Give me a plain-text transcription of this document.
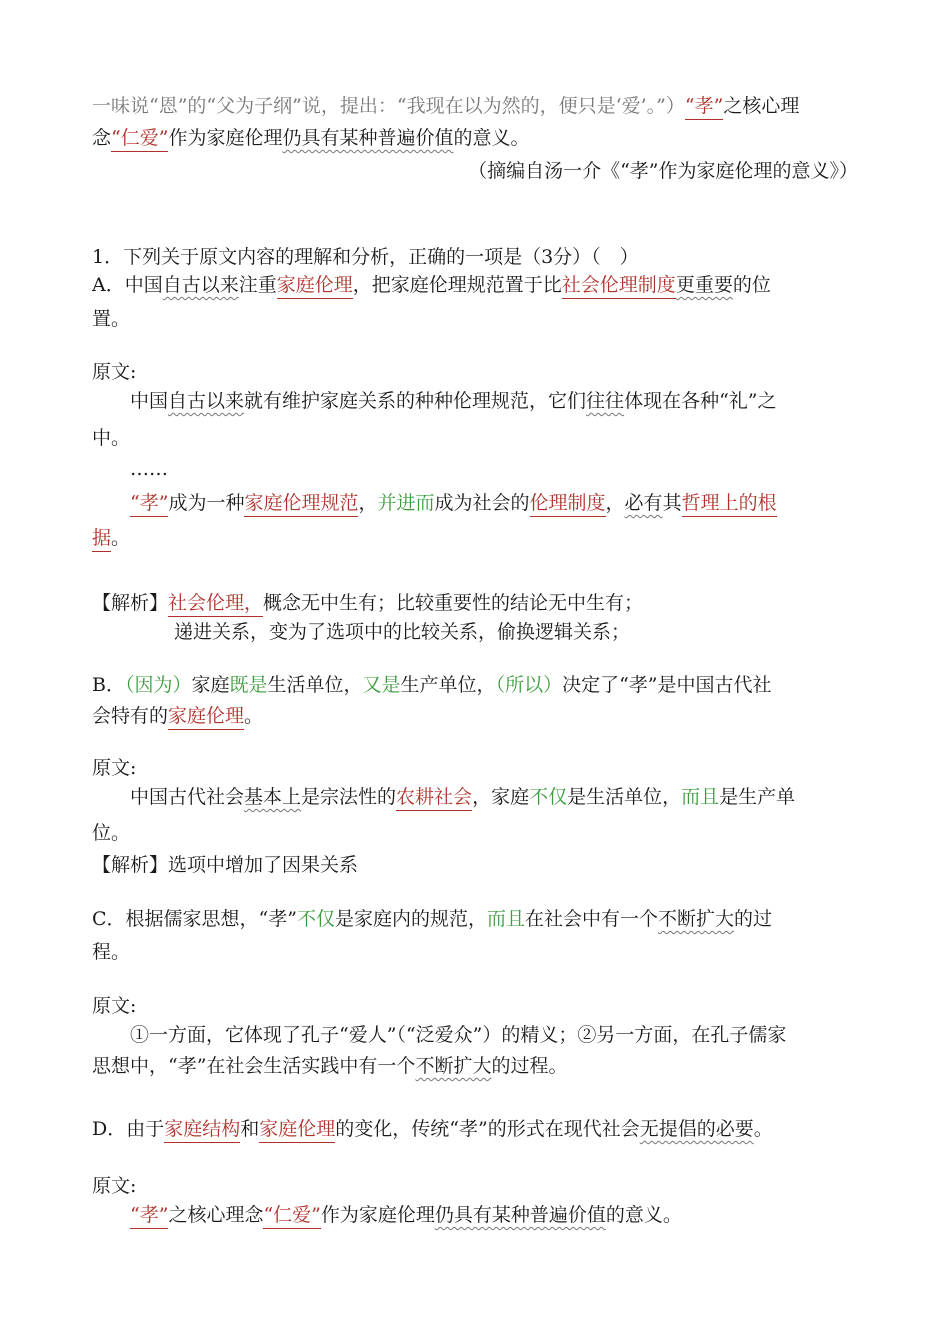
一味说“恩”的“父为子纲”说，提出：“我现在以为然的，便只是‘爱’。”）“孝”之核心理
念“仁爱”作为家庭伦理仍具有某种普遍价值的意义。
（摘编自汤一介《“孝”作为家庭伦理的意义》）
1．下列关于原文内容的理解和分析，正确的一项是（3分）（　）
A．中国自古以来注重家庭伦理，把家庭伦理规范置于比社会伦理制度更重要的位
置。
原文:
中国自古以来就有维护家庭关系的种种伦理规范，它们往往体现在各种“礼”之
中。
……
“孝”成为一种家庭伦理规范，并进而成为社会的伦理制度，必有其哲理上的根
据。
【解析】社会伦理，概念无中生有；比较重要性的结论无中生有；
递进关系，变为了选项中的比较关系，偷换逻辑关系；
B．（因为）家庭既是生活单位，又是生产单位，（所以）决定了“孝”是中国古代社
会特有的家庭伦理。
原文:
中国古代社会基本上是宗法性的农耕社会，家庭不仅是生活单位，而且是生产单
位。
【解析】选项中增加了因果关系
C．根据儒家思想，“孝”不仅是家庭内的规范，而且在社会中有一个不断扩大的过
程。
原文:
①一方面，它体现了孔子“爱人”（“泛爱众”）的精义；②另一方面，在孔子儒家
思想中，“孝”在社会生活实践中有一个不断扩大的过程。
D．由于家庭结构和家庭伦理的变化，传统“孝”的形式在现代社会无提倡的必要。
原文:
“孝”之核心理念“仁爱”作为家庭伦理仍具有某种普遍价值的意义。
